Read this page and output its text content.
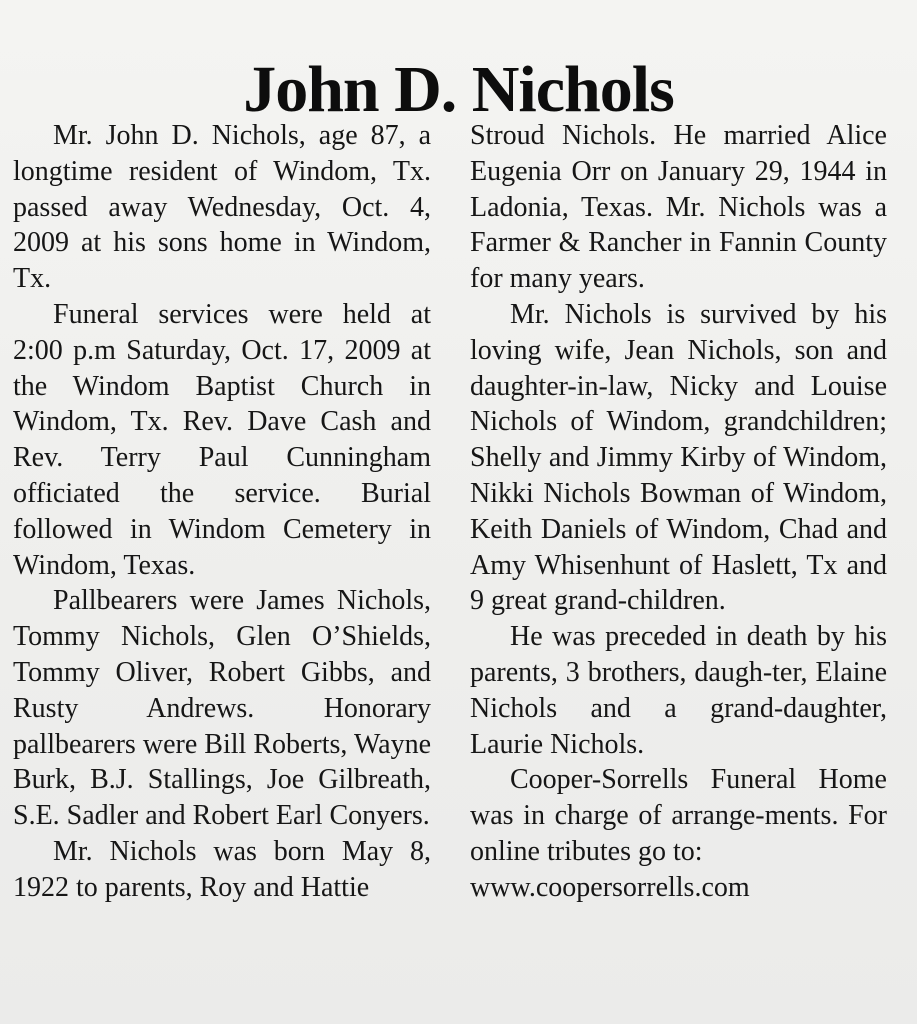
John D. Nichols

Mr. John D. Nichols, age 87, a longtime resident of Windom, Tx. passed away Wednesday, Oct. 4, 2009 at his sons home in Windom, Tx.

Funeral services were held at 2:00 p.m Saturday, Oct. 17, 2009 at the Windom Baptist Church in Windom, Tx. Rev. Dave Cash and Rev. Terry Paul Cunningham officiated the service. Burial followed in Windom Cemetery in Windom, Texas.

Pallbearers were James Nichols, Tommy Nichols, Glen O’Shields, Tommy Oliver, Robert Gibbs, and Rusty Andrews. Honorary pallbearers were Bill Roberts, Wayne Burk, B.J. Stallings, Joe Gilbreath, S.E. Sadler and Robert Earl Conyers.

Mr. Nichols was born May 8, 1922 to parents, Roy and Hattie

Stroud Nichols. He married Alice Eugenia Orr on January 29, 1944 in Ladonia, Texas. Mr. Nichols was a Farmer & Rancher in Fannin County for many years.

Mr. Nichols is survived by his loving wife, Jean Nichols, son and daughter-in-law, Nicky and Louise Nichols of Windom, grandchildren; Shelly and Jimmy Kirby of Windom, Nikki Nichols Bowman of Windom, Keith Daniels of Windom, Chad and Amy Whisenhunt of Haslett, Tx and 9 great grand-children.

He was preceded in death by his parents, 3 brothers, daugh-ter, Elaine Nichols and a grand-daughter, Laurie Nichols.

Cooper-Sorrells Funeral Home was in charge of arrange-ments. For online tributes go to:

www.coopersorrells.com
